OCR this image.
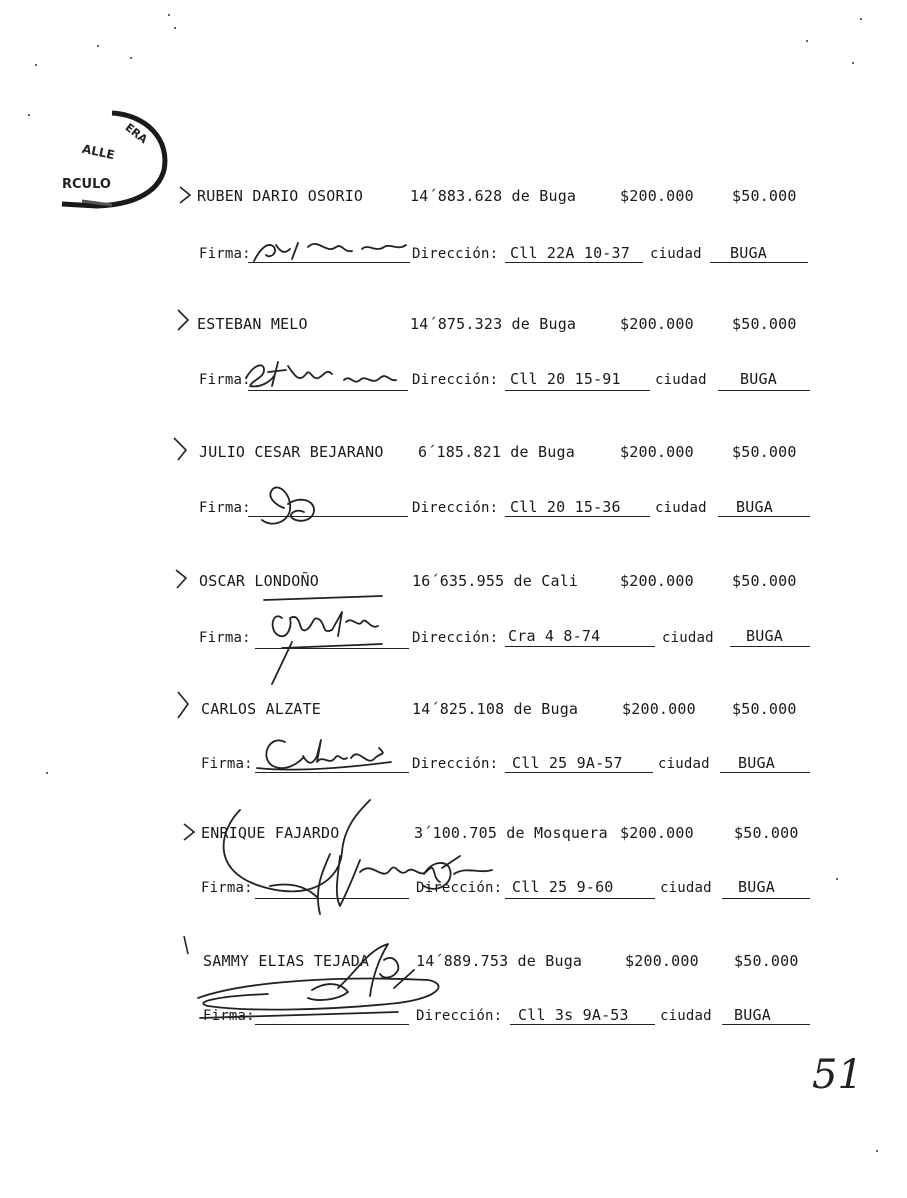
ERA
ALLE
RCULO
RUBEN DARIO OSORIO	14´883.628 de Buga	$200.000	$50.000
Firma:	Dirección: Cll 22A 10-37 ciudad BUGA
ESTEBAN MELO	14´875.323 de Buga	$200.000	$50.000
Firma:	Dirección: Cll 20 15-91 ciudad BUGA
JULIO CESAR BEJARANO 6´185.821 de Buga	$200.000	$50.000
Firma:	Dirección: Cll 20 15-36 ciudad BUGA
OSCAR LONDOÑO	16´635.955 de Cali	$200.000	$50.000
Firma:	Dirección: Cra 4 8-74	ciudad BUGA
CARLOS ALZATE	14´825.108 de Buga	$200.000 $50.000
Firma:	Dirección: Cll 25 9A-57	ciudad BUGA
ENRIQUE FAJARDO	3´100.705 de Mosquera $200.000	$50.000
Firma:	Dirección: Cll 25 9-60	ciudad BUGA
SAMMY ELIAS TEJADA	14´889.753 de Buga	$200.000 $50.000
Firma:	Dirección: Cll 3s 9A-53 ciudad BUGA
51
